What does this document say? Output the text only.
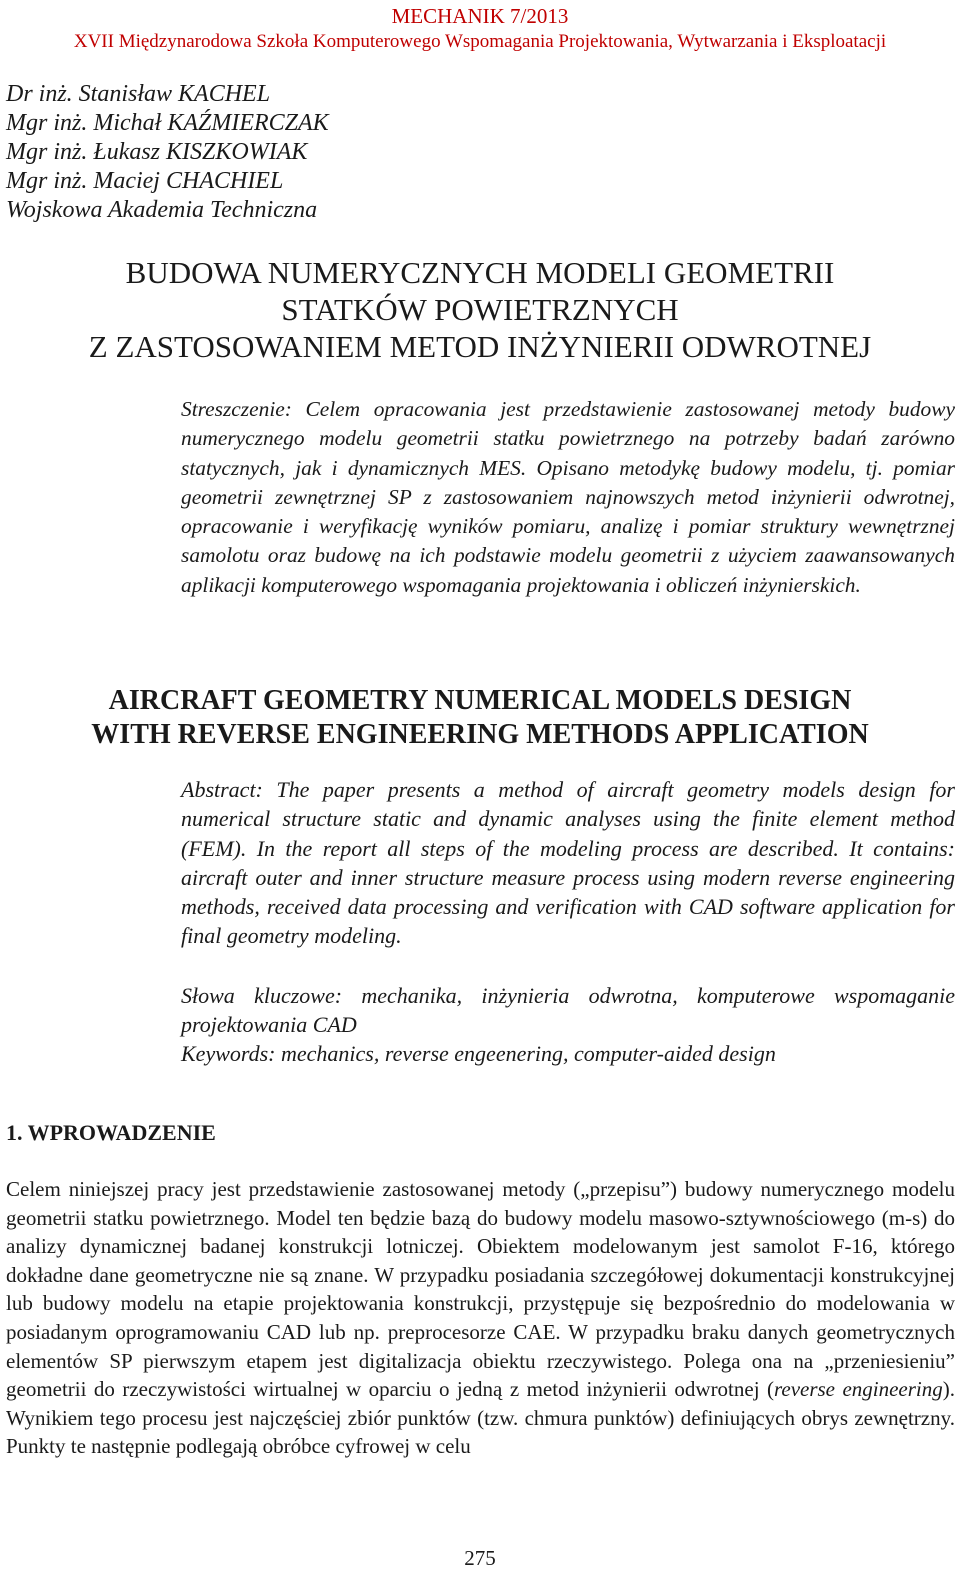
MECHANIK 7/2013
XVII Międzynarodowa Szkoła Komputerowego Wspomagania Projektowania, Wytwarzania i Eksploatacji
Dr inż. Stanisław KACHEL
Mgr inż. Michał KAŹMIERCZAK
Mgr inż. Łukasz KISZKOWIAK
Mgr inż. Maciej CHACHIEL
Wojskowa Akademia Techniczna
BUDOWA NUMERYCZNYCH MODELI GEOMETRII
STATKÓW POWIETRZNYCH
Z ZASTOSOWANIEM METOD INŻYNIERII ODWROTNEJ
Streszczenie: Celem opracowania jest przedstawienie zastosowanej metody budowy numerycznego modelu geometrii statku powietrznego na potrzeby badań zarówno statycznych, jak i dynamicznych MES. Opisano metodykę budowy modelu, tj. pomiar geometrii zewnętrznej SP z zastosowaniem najnowszych metod inżynierii odwrotnej, opracowanie i weryfikację wyników pomiaru, analizę i pomiar struktury wewnętrznej samolotu oraz budowę na ich podstawie modelu geometrii z użyciem zaawansowanych aplikacji komputerowego wspomagania projektowania i obliczeń inżynierskich.
AIRCRAFT GEOMETRY NUMERICAL MODELS DESIGN
WITH REVERSE ENGINEERING METHODS APPLICATION
Abstract: The paper presents a method of aircraft geometry models design for numerical structure static and dynamic analyses using the finite element method (FEM). In the report all steps of the modeling process are described. It contains: aircraft outer and inner structure measure process using modern reverse engineering methods, received data processing and verification with CAD software application for final geometry modeling.
Słowa kluczowe: mechanika, inżynieria odwrotna, komputerowe wspomaganie projektowania CAD
Keywords: mechanics, reverse engeenering, computer-aided design
1. WPROWADZENIE
Celem niniejszej pracy jest przedstawienie zastosowanej metody („przepisu”) budowy numerycznego modelu geometrii statku powietrznego. Model ten będzie bazą do budowy modelu masowo-sztywnościowego (m-s) do analizy dynamicznej badanej konstrukcji lotniczej. Obiektem modelowanym jest samolot F-16, którego dokładne dane geometryczne nie są znane. W przypadku posiadania szczegółowej dokumentacji konstrukcyjnej lub budowy modelu na etapie projektowania konstrukcji, przystępuje się bezpośrednio do modelowania w posiadanym oprogramowaniu CAD lub np. preprocesorze CAE. W przypadku braku danych geometrycznych elementów SP pierwszym etapem jest digitalizacja obiektu rzeczywistego. Polega ona na „przeniesieniu” geometrii do rzeczywistości wirtualnej w oparciu o jedną z metod inżynierii odwrotnej (reverse engineering). Wynikiem tego procesu jest najczęściej zbiór punktów (tzw. chmura punktów) definiujących obrys zewnętrzny. Punkty te następnie podlegają obróbce cyfrowej w celu
275
